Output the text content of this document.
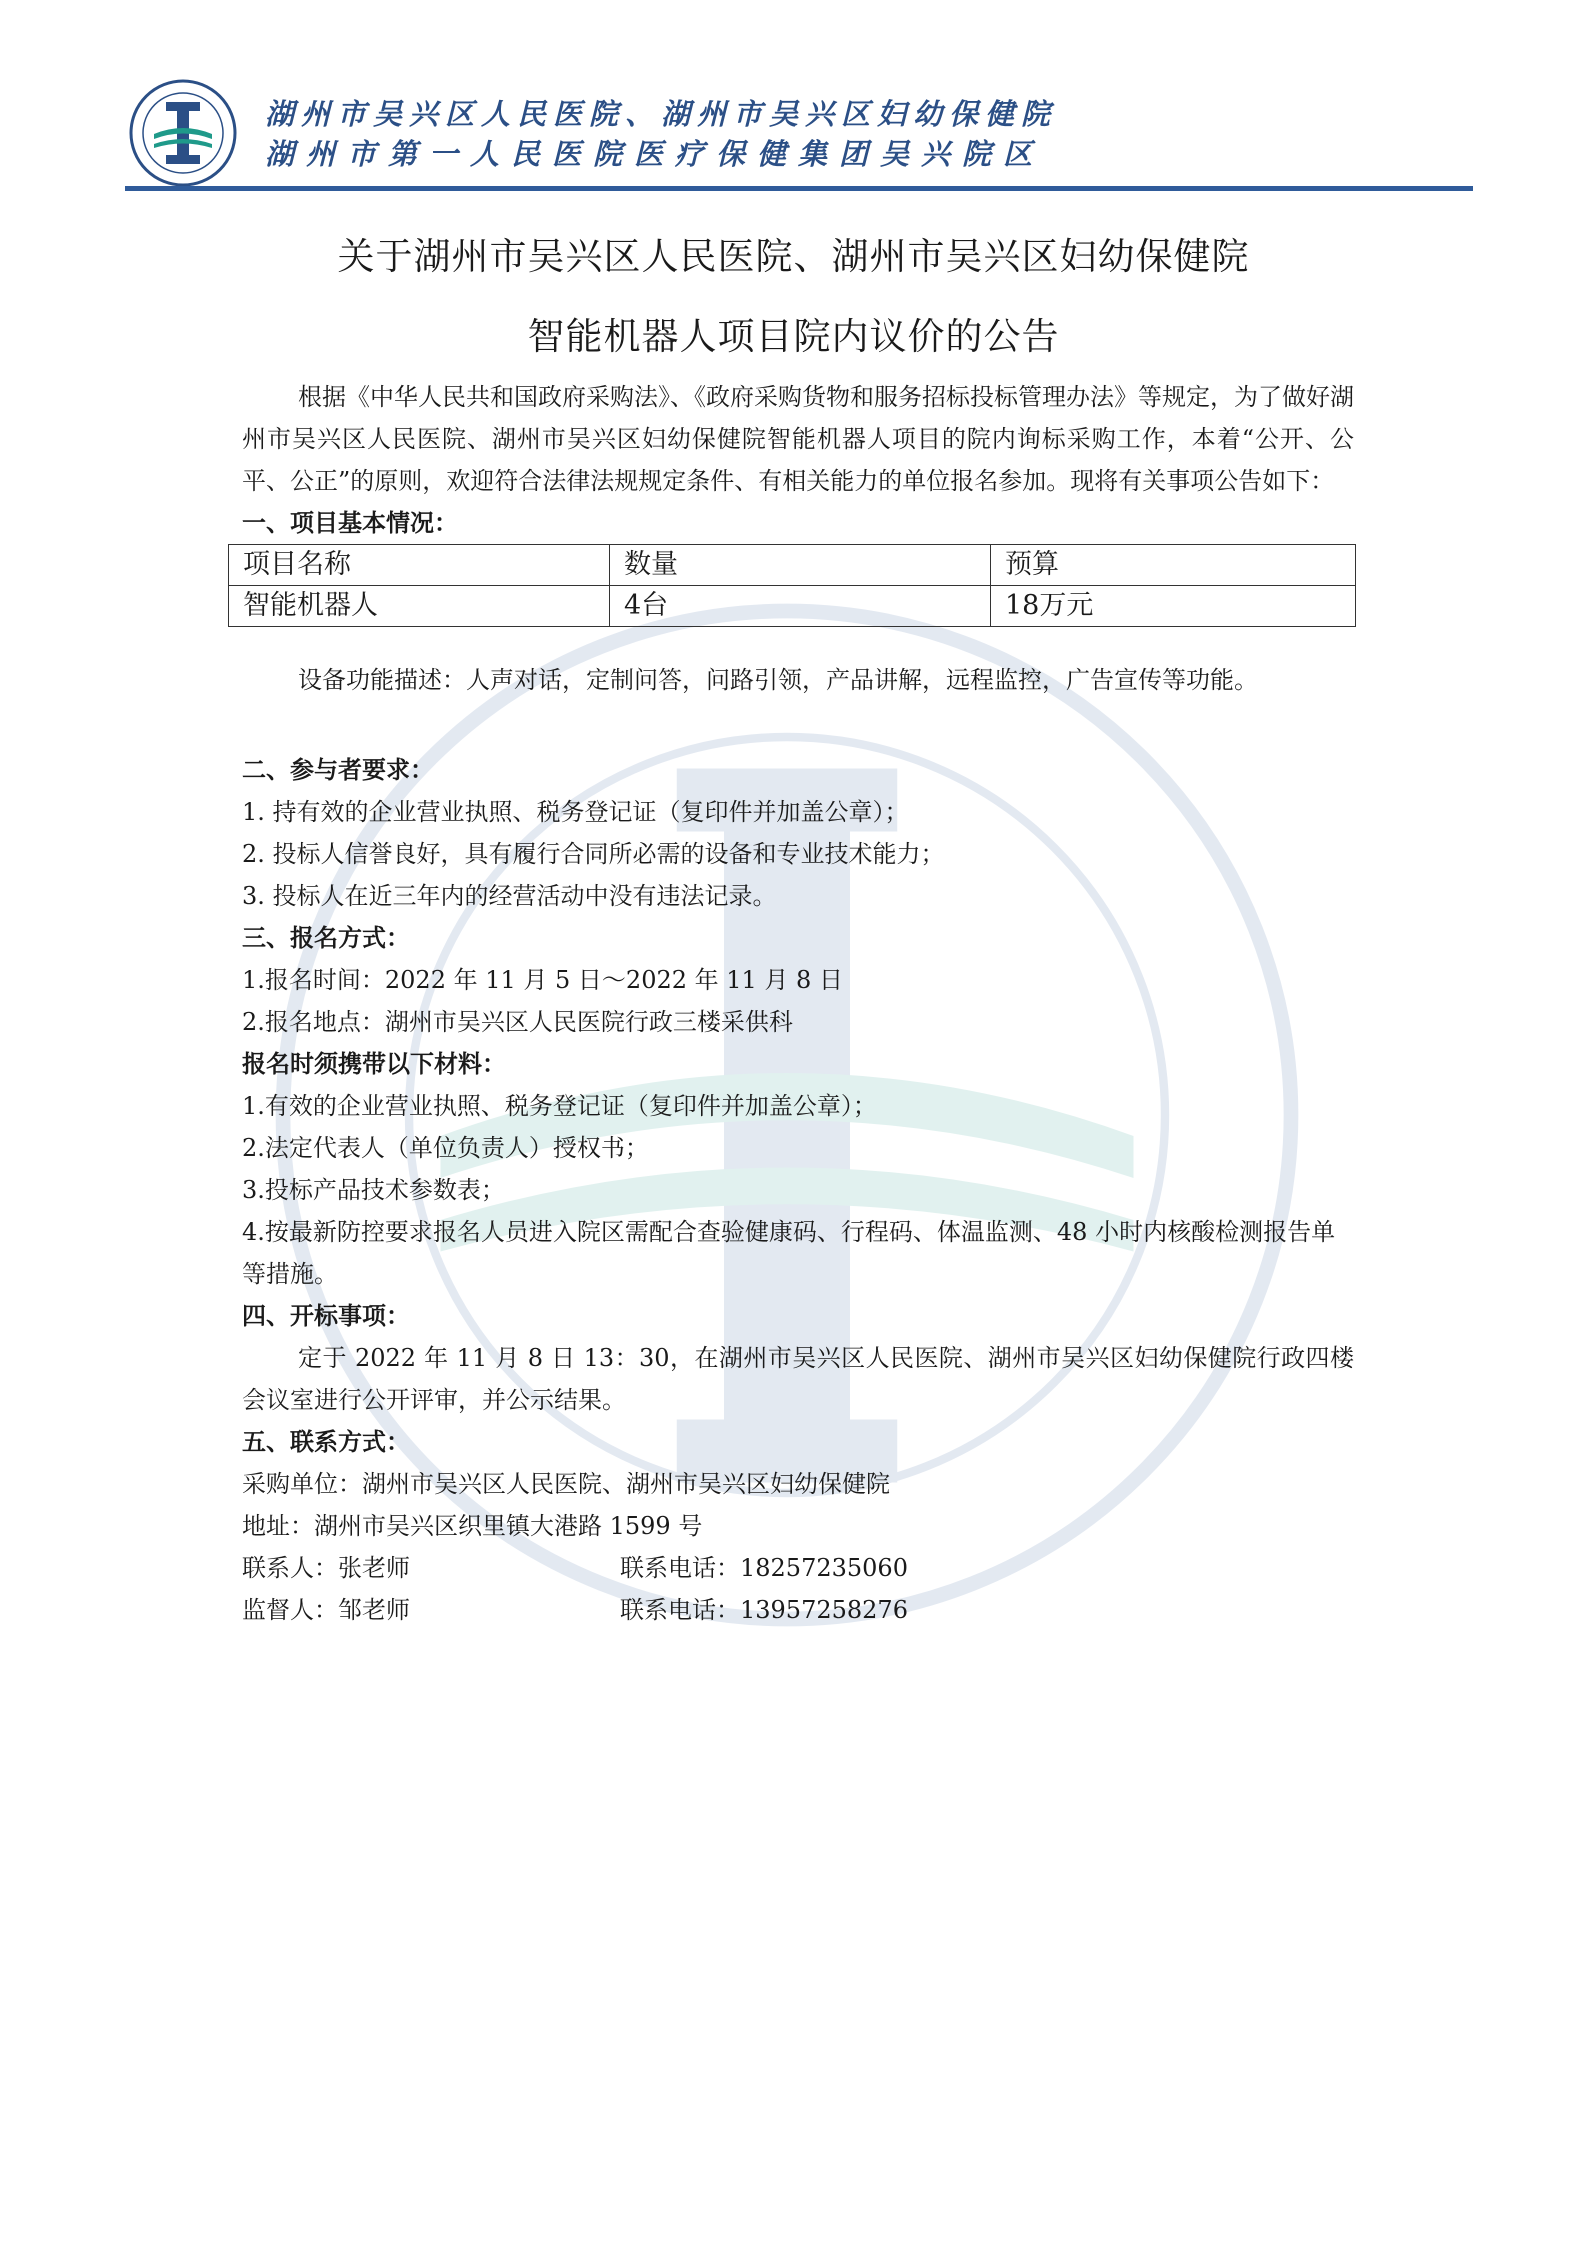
湖州市吴兴区人民医院、湖州市吴兴区妇幼保健院
湖州市第一人民医院医疗保健集团吴兴院区
关于湖州市吴兴区人民医院、湖州市吴兴区妇幼保健院
智能机器人项目院内议价的公告

根据《中华人民共和国政府采购法》、《政府采购货物和服务招标投标管理办法》等规定，为了做好湖州市吴兴区人民医院、湖州市吴兴区妇幼保健院智能机器人项目的院内询标采购工作，本着“公开、公平、公正”的原则，欢迎符合法律法规规定条件、有相关能力的单位报名参加。现将有关事项公告如下：

一、项目基本情况：

项目名称	数量	预算
智能机器人	4台	18万元

设备功能描述：人声对话，定制问答，问路引领，产品讲解，远程监控，广告宣传等功能。

二、参与者要求：

1. 持有效的企业营业执照、税务登记证（复印件并加盖公章）；

2. 投标人信誉良好，具有履行合同所必需的设备和专业技术能力；

3. 投标人在近三年内的经营活动中没有违法记录。

三、报名方式：

1.报名时间：2022 年 11 月 5 日～2022 年 11 月 8 日

2.报名地点：湖州市吴兴区人民医院行政三楼采供科

报名时须携带以下材料：

1.有效的企业营业执照、税务登记证（复印件并加盖公章）；

2.法定代表人（单位负责人）授权书；

3.投标产品技术参数表；

4.按最新防控要求报名人员进入院区需配合查验健康码、行程码、体温监测、48 小时内核酸检测报告单等措施。

四、开标事项：

定于 2022 年 11 月 8 日 13：30，在湖州市吴兴区人民医院、湖州市吴兴区妇幼保健院行政四楼会议室进行公开评审，并公示结果。

五、联系方式：

采购单位：湖州市吴兴区人民医院、湖州市吴兴区妇幼保健院

地址：湖州市吴兴区织里镇大港路 1599 号

联系人：张老师	联系电话：18257235060
监督人：邹老师	联系电话：13957258276
